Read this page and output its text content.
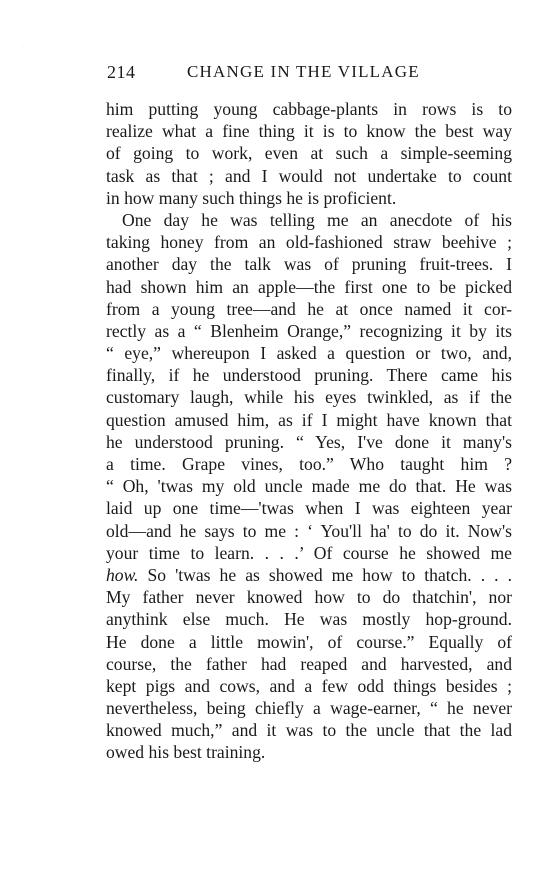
· ·
214	CHANGE IN THE VILLAGE
him putting young cabbage-plants in rows is to
realize what a fine thing it is to know the best way
of going to work, even at such a simple-seeming
task as that ; and I would not undertake to count
in how many such things he is proficient.
One day he was telling me an anecdote of his
taking honey from an old-fashioned straw beehive ;
another day the talk was of pruning fruit-trees. I
had shown him an apple—the first one to be picked
from a young tree—and he at once named it cor-
rectly as a “ Blenheim Orange,” recognizing it by its
“ eye,” whereupon I asked a question or two, and,
finally, if he understood pruning. There came his
customary laugh, while his eyes twinkled, as if the
question amused him, as if I might have known that
he understood pruning. “ Yes, I've done it many's
a time. Grape vines, too.” Who taught him ?
“ Oh, 'twas my old uncle made me do that. He was
laid up one time—'twas when I was eighteen year
old—and he says to me : ‘ You'll ha' to do it. Now's
your time to learn. . . .’ Of course he showed me
how. So 'twas he as showed me how to thatch. . . .
My father never knowed how to do thatchin', nor
anythink else much. He was mostly hop-ground.
He done a little mowin', of course.” Equally of
course, the father had reaped and harvested, and
kept pigs and cows, and a few odd things besides ;
nevertheless, being chiefly a wage-earner, “ he never
knowed much,” and it was to the uncle that the lad
owed his best training.
